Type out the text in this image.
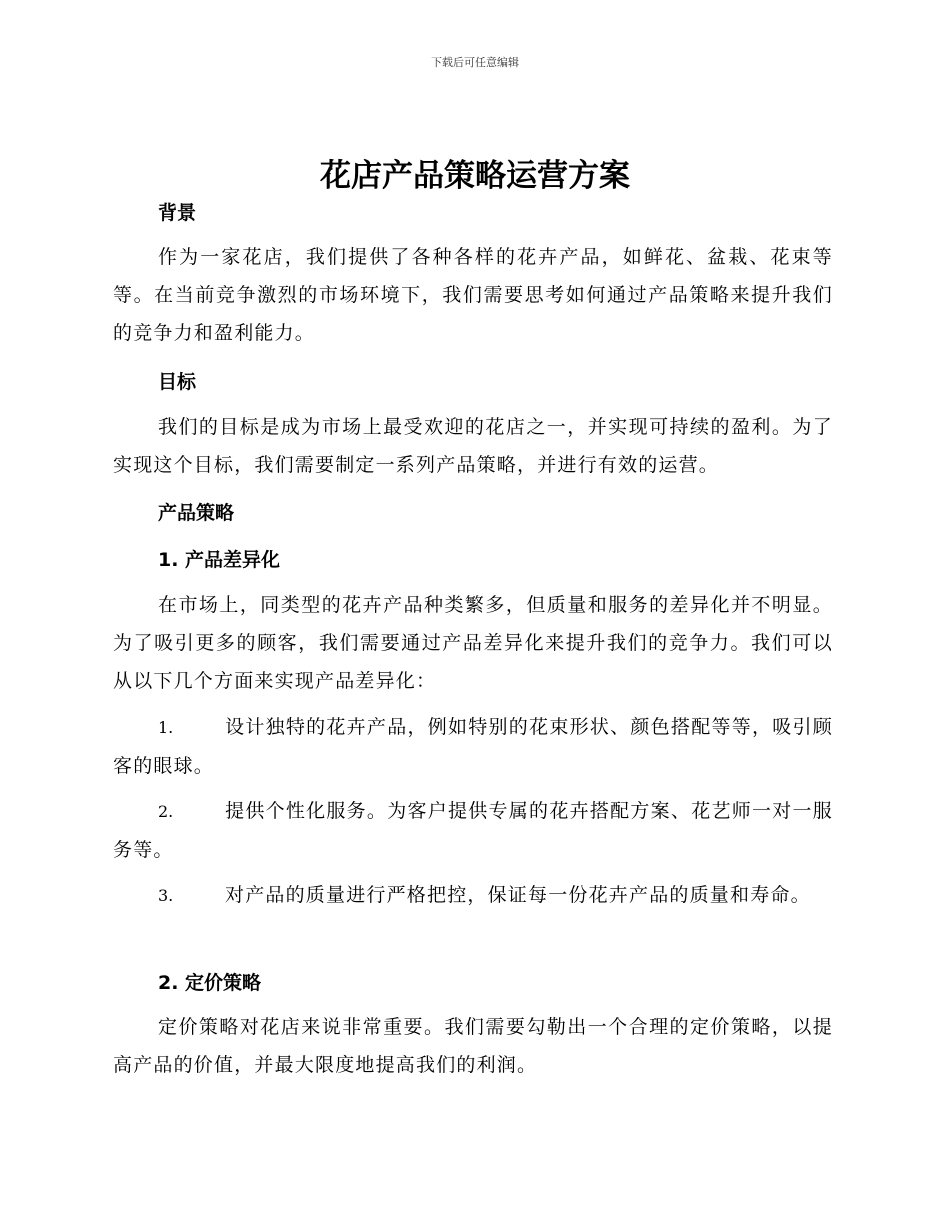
下载后可任意编辑
花店产品策略运营方案
背景

作为一家花店，我们提供了各种各样的花卉产品，如鲜花、盆栽、花束等等。在当前竞争激烈的市场环境下，我们需要思考如何通过产品策略来提升我们的竞争力和盈利能力。

目标

我们的目标是成为市场上最受欢迎的花店之一，并实现可持续的盈利。为了实现这个目标，我们需要制定一系列产品策略，并进行有效的运营。

产品策略
1. 产品差异化

在市场上，同类型的花卉产品种类繁多，但质量和服务的差异化并不明显。为了吸引更多的顾客，我们需要通过产品差异化来提升我们的竞争力。我们可以从以下几个方面来实现产品差异化：

1.	设计独特的花卉产品，例如特别的花束形状、颜色搭配等等，吸引顾客的眼球。

2.	提供个性化服务。为客户提供专属的花卉搭配方案、花艺师一对一服务等。

3.	对产品的质量进行严格把控，保证每一份花卉产品的质量和寿命。

2. 定价策略

定价策略对花店来说非常重要。我们需要勾勒出一个合理的定价策略，以提高产品的价值，并最大限度地提高我们的利润。
